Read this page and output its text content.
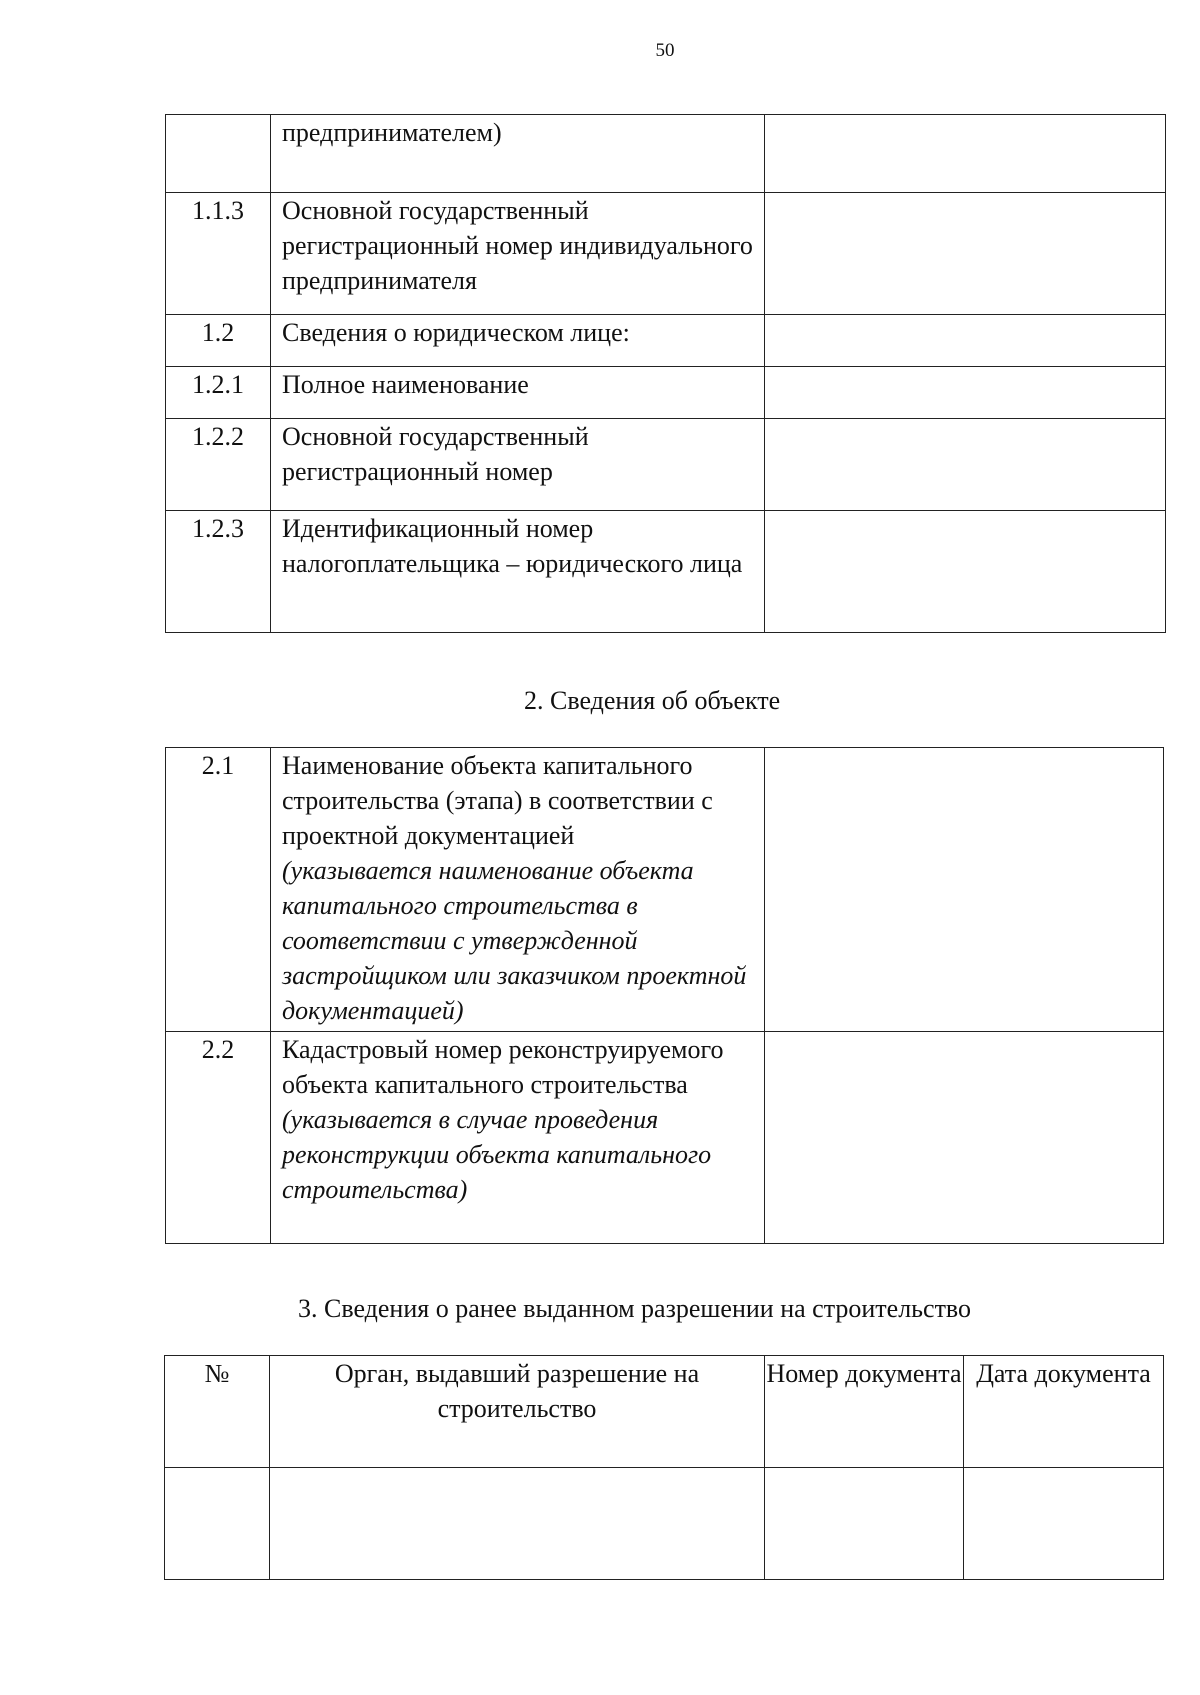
50
	предпринимателем)	
1.1.3	Основной государственный регистрационный номер индивидуального предпринимателя	
1.2	Сведения о юридическом лице:	
1.2.1	Полное наименование	
1.2.2	Основной государственный регистрационный номер	
1.2.3	Идентификационный номер налогоплательщика – юридического лица	
2. Сведения об объекте
2.1	Наименование объекта капитального строительства (этапа) в соответствии с проектной документацией
(указывается наименование объекта капитального строительства в соответствии с утвержденной застройщиком или заказчиком проектной документацией)	

2.2	Кадастровый номер реконструируемого объекта капитального строительства
(указывается в случае проведения реконструкции объекта капитального строительства)	

3. Сведения о ранее выданном разрешении на строительство
№	Орган, выдавший разрешение на строительство	Номер документа	Дата документа
